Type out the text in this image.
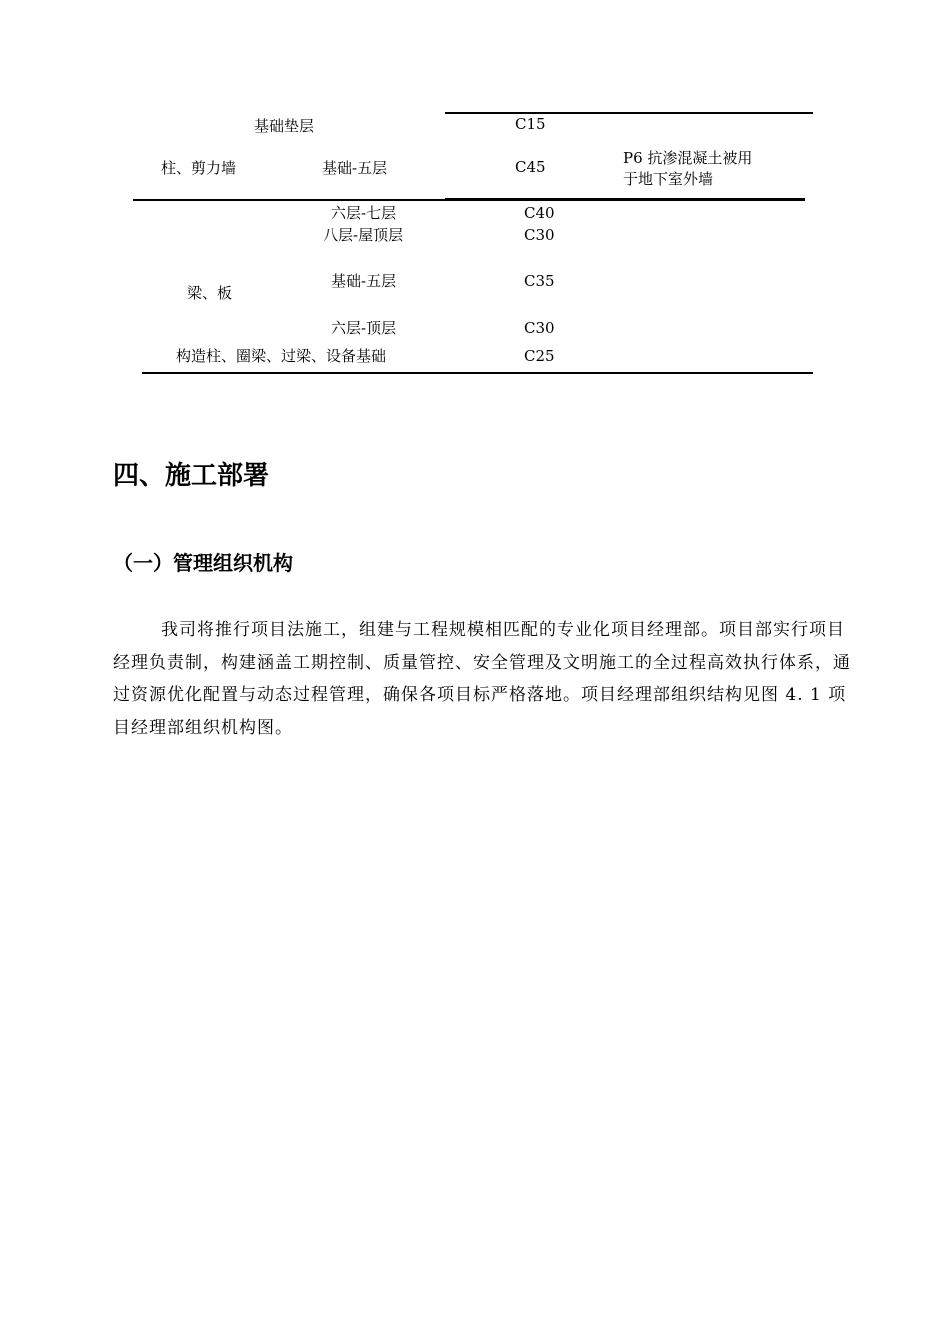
基础垫层	C15
柱、剪力墙	基础-五层	C45	P6 抗渗混凝土被用
于地下室外墙
六层-七层	C40
八层-屋顶层	C30
梁、板
基础-五层	C35
六层-顶层	C30
构造柱、圈梁、过梁、设备基础	C25
四、施工部署
（一）管理组织机构

我司将推行项目法施工，组建与工程规模相匹配的专业化项目经理部。项目部实行项目经理负责制，构建涵盖工期控制、质量管控、安全管理及文明施工的全过程高效执行体系，通过资源优化配置与动态过程管理，确保各项目标严格落地。项目经理部组织结构见图 4. 1 项目经理部组织机构图。
